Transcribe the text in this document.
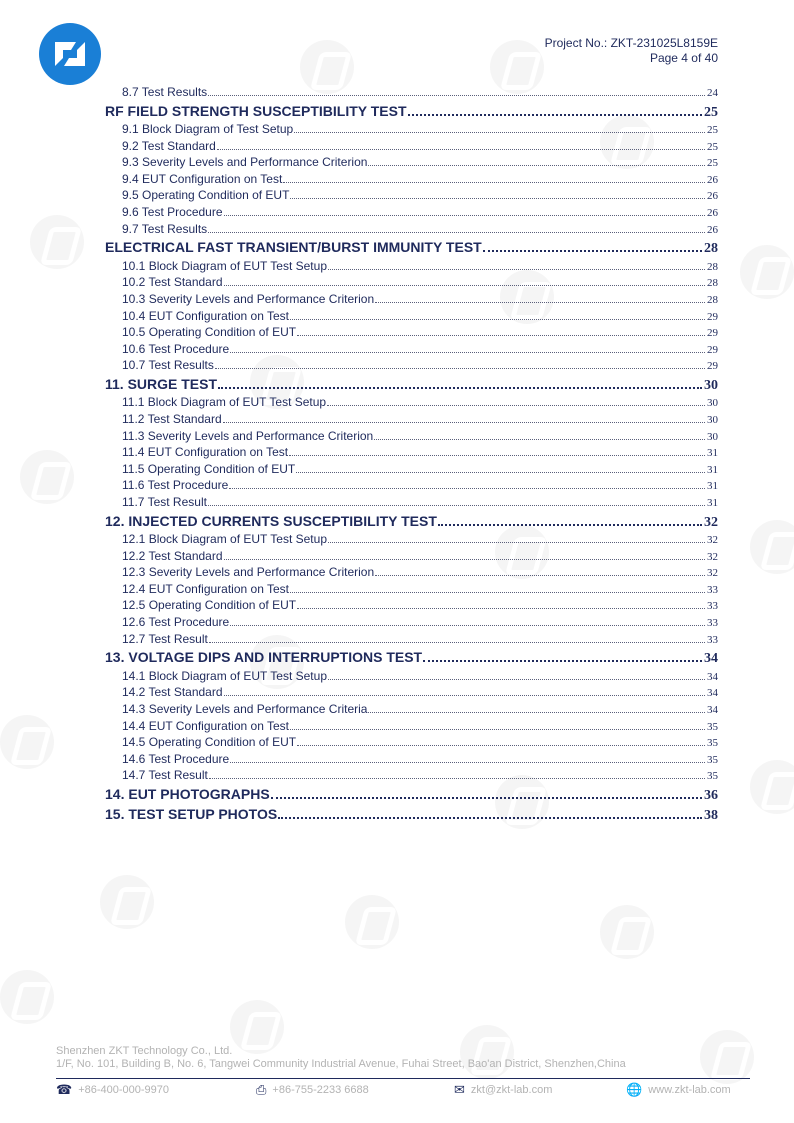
Project No.: ZKT-231025L8159E
Page 4 of 40
8.7 Test Results	24
RF FIELD STRENGTH SUSCEPTIBILITY TEST	25
9.1 Block Diagram of Test Setup	25
9.2 Test Standard	25
9.3 Severity Levels and Performance Criterion	25
9.4 EUT Configuration on Test	26
9.5 Operating Condition of EUT	26
9.6 Test Procedure	26
9.7 Test Results	26
ELECTRICAL FAST TRANSIENT/BURST IMMUNITY TEST	28
10.1 Block Diagram of EUT Test Setup	28
10.2 Test Standard	28
10.3 Severity Levels and Performance Criterion	28
10.4 EUT Configuration on Test	29
10.5 Operating Condition of EUT	29
10.6 Test Procedure	29
10.7 Test Results	29
11. SURGE TEST	30
11.1 Block Diagram of EUT Test Setup	30
11.2 Test Standard	30
11.3 Severity Levels and Performance Criterion	30
11.4 EUT Configuration on Test	31
11.5 Operating Condition of EUT	31
11.6 Test Procedure	31
11.7 Test Result	31
12. INJECTED CURRENTS SUSCEPTIBILITY TEST	32
12.1 Block Diagram of EUT Test Setup	32
12.2 Test Standard	32
12.3 Severity Levels and Performance Criterion	32
12.4 EUT Configuration on Test	33
12.5 Operating Condition of EUT	33
12.6 Test Procedure	33
12.7 Test Result	33
13. VOLTAGE DIPS AND INTERRUPTIONS TEST	34
14.1 Block Diagram of EUT Test Setup	34
14.2 Test Standard	34
14.3 Severity Levels and Performance Criteria	34
14.4 EUT Configuration on Test	35
14.5 Operating Condition of EUT	35
14.6 Test Procedure	35
14.7 Test Result	35
14. EUT PHOTOGRAPHS	36
15. TEST SETUP PHOTOS	38
Shenzhen ZKT Technology Co., Ltd.
1/F, No. 101, Building B, No. 6, Tangwei Community Industrial Avenue, Fuhai Street, Bao'an District, Shenzhen,China
☎ +86-400-000-9970	⎙ +86-755-2233 6688	✉ zkt@zkt-lab.com	🌐 www.zkt-lab.com
